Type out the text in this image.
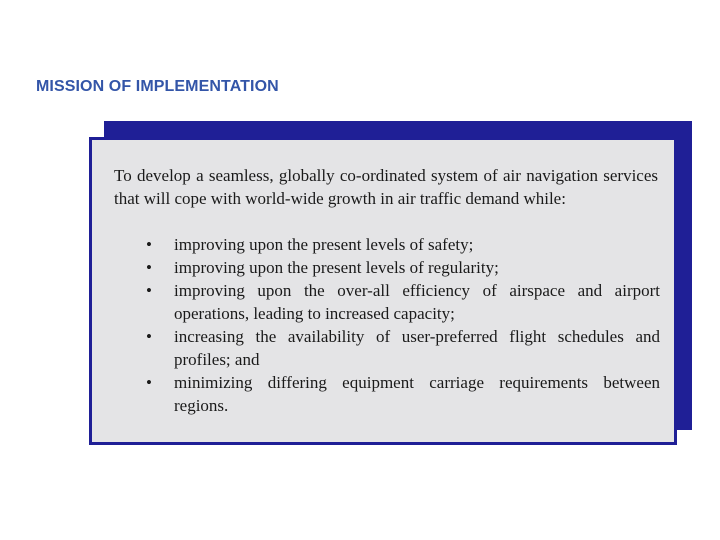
MISSION OF IMPLEMENTATION
To develop a seamless, globally co-ordinated system of air navigation services that will cope with world-wide growth in air traffic demand while:
• improving upon the present levels of safety;
• improving upon the present levels of regularity;
• improving upon the over-all efficiency of airspace and airport operations, leading to increased capacity;
• increasing the availability of user-preferred flight schedules and profiles; and
• minimizing differing equipment carriage requirements between regions.
